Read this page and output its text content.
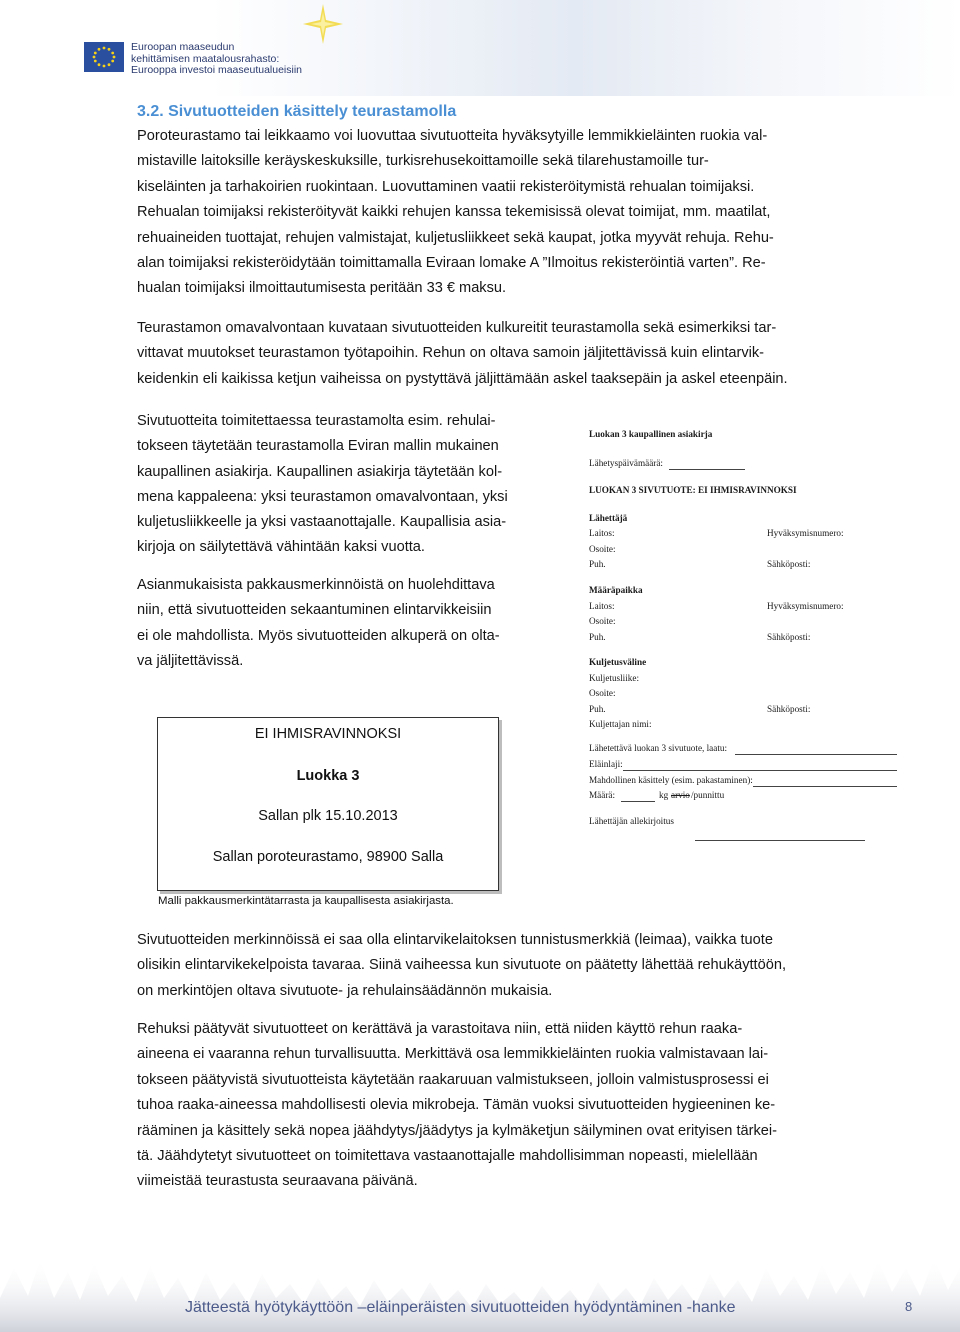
Euroopan maaseudun
kehittämisen maatalousrahasto:
Eurooppa investoi maaseutualueisiin
3.2. Sivutuotteiden käsittely teurastamolla
Poroteurastamo tai leikkaamo voi luovuttaa sivutuotteita hyväksytyille lemmikkieläinten ruokia val-
mistaville laitoksille keräyskeskuksille, turkisrehusekoittamoille sekä tilarehustamoille tur-
kiseläinten ja tarhakoirien ruokintaan. Luovuttaminen vaatii rekisteröitymistä rehualan toimijaksi.
Rehualan toimijaksi rekisteröityvät kaikki rehujen kanssa tekemisissä olevat toimijat, mm. maatilat,
rehuaineiden tuottajat, rehujen valmistajat, kuljetusliikkeet sekä kaupat, jotka myyvät rehuja. Rehu-
alan toimijaksi rekisteröidytään toimittamalla Eviraan lomake A ”Ilmoitus rekisteröintiä varten”. Re-
hualan toimijaksi ilmoittautumisesta peritään 33 € maksu.
Teurastamon omavalvontaan kuvataan sivutuotteiden kulkureitit teurastamolla sekä esimerkiksi tar-
vittavat muutokset teurastamon työtapoihin. Rehun on oltava samoin jäljitettävissä kuin elintarvik-
keidenkin eli kaikissa ketjun vaiheissa on pystyttävä jäljittämään askel taaksepäin ja askel eteenpäin.
Sivutuotteita toimitettaessa teurastamolta esim. rehulai-
tokseen täytetään teurastamolla Eviran mallin mukainen
kaupallinen asiakirja. Kaupallinen asiakirja täytetään kol-
mena kappaleena: yksi teurastamon omavalvontaan, yksi
kuljetusliikkeelle ja yksi vastaanottajalle. Kaupallisia asia-
kirjoja on säilytettävä vähintään kaksi vuotta.
Asianmukaisista pakkausmerkinnöistä on huolehdittava
niin, että sivutuotteiden sekaantuminen elintarvikkeisiin
ei ole mahdollista. Myös sivutuotteiden alkuperä on olta-
va jäljitettävissä.
EI IHMISRAVINNOKSI
Luokka 3
Sallan plk 15.10.2013
Sallan poroteurastamo, 98900 Salla
Malli pakkausmerkintätarrasta ja kaupallisesta asiakirjasta.
Luokan 3 kaupallinen asiakirja
Lähetyspäivämäärä:
LUOKAN 3 SIVUTUOTE: EI IHMISRAVINNOKSI
Lähettäjä
Laitos:	Hyväksymisnumero:
Osoite:
Puh.	Sähköposti:
Määräpaikka
Laitos:	Hyväksymisnumero:
Osoite:
Puh.	Sähköposti:
Kuljetusväline
Kuljetusliike:
Osoite:
Puh.	Sähköposti:
Kuljettajan nimi:
Lähetettävä luokan 3 sivutuote, laatu:
Eläinlaji:
Mahdollinen käsittely (esim. pakastaminen):
Määrä:	kg arvio /punnittu
Lähettäjän allekirjoitus
Sivutuotteiden merkinnöissä ei saa olla elintarvikelaitoksen tunnistusmerkkiä (leimaa), vaikka tuote
olisikin elintarvikekelpoista tavaraa. Siinä vaiheessa kun sivutuote on päätetty lähettää rehukäyttöön,
on merkintöjen oltava sivutuote- ja rehulainsäädännön mukaisia.
Rehuksi päätyvät sivutuotteet on kerättävä ja varastoitava niin, että niiden käyttö rehun raaka-
aineena ei vaaranna rehun turvallisuutta. Merkittävä osa lemmikkieläinten ruokia valmistavaan lai-
tokseen päätyvistä sivutuotteista käytetään raakaruuan valmistukseen, jolloin valmistusprosessi ei
tuhoa raaka-aineessa mahdollisesti olevia mikrobeja. Tämän vuoksi sivutuotteiden hygieeninen ke-
rääminen ja käsittely sekä nopea jäähdytys/jäädytys ja kylmäketjun säilyminen ovat erityisen tärkei-
tä. Jäähdytetyt sivutuotteet on toimitettava vastaanottajalle mahdollisimman nopeasti, mielellään
viimeistää teurastusta seuraavana päivänä.
Jätteestä hyötykäyttöön –eläinperäisten sivutuotteiden hyödyntäminen -hanke	8
